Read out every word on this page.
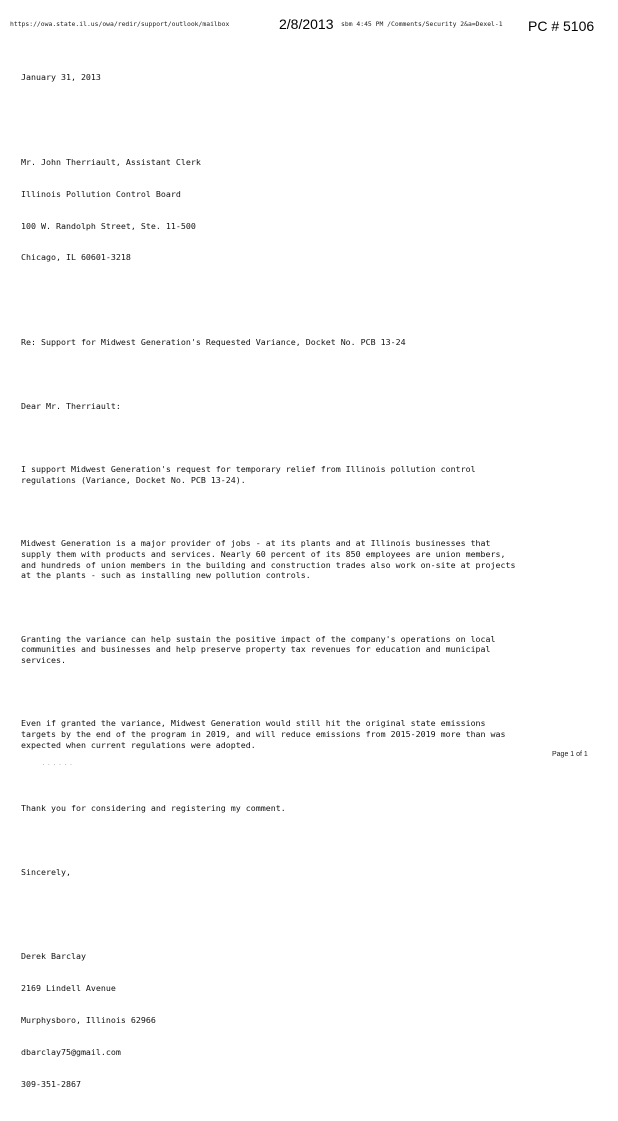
https://owa.state.il.us/owa/redir/support/outlook/mailbox	2/8/2013 sbm 4:45 PM /Comments/Security 2&a=Dexel-1 PC # 5106

January 31, 2013

Mr. John Therriault, Assistant Clerk

Illinois Pollution Control Board

100 W. Randolph Street, Ste. 11-500

Chicago, IL 60601-3218

Re: Support for Midwest Generation's Requested Variance, Docket No. PCB 13-24

Dear Mr. Therriault:

I support Midwest Generation's request for temporary relief from Illinois pollution control
regulations (Variance, Docket No. PCB 13-24).

Midwest Generation is a major provider of jobs - at its plants and at Illinois businesses that
supply them with products and services. Nearly 60 percent of its 850 employees are union members,
and hundreds of union members in the building and construction trades also work on-site at projects
at the plants - such as installing new pollution controls.

Granting the variance can help sustain the positive impact of the company's operations on local
communities and businesses and help preserve property tax revenues for education and municipal
services.

Even if granted the variance, Midwest Generation would still hit the original state emissions
targets by the end of the program in 2019, and will reduce emissions from 2015-2019 more than was
expected when current regulations were adopted.

Thank you for considering and registering my comment.

Sincerely,

Derek Barclay

2169 Lindell Avenue

Murphysboro, Illinois 62966

dbarclay75@gmail.com

309-351-2867

Page 1 of 1
· · · · · ·
